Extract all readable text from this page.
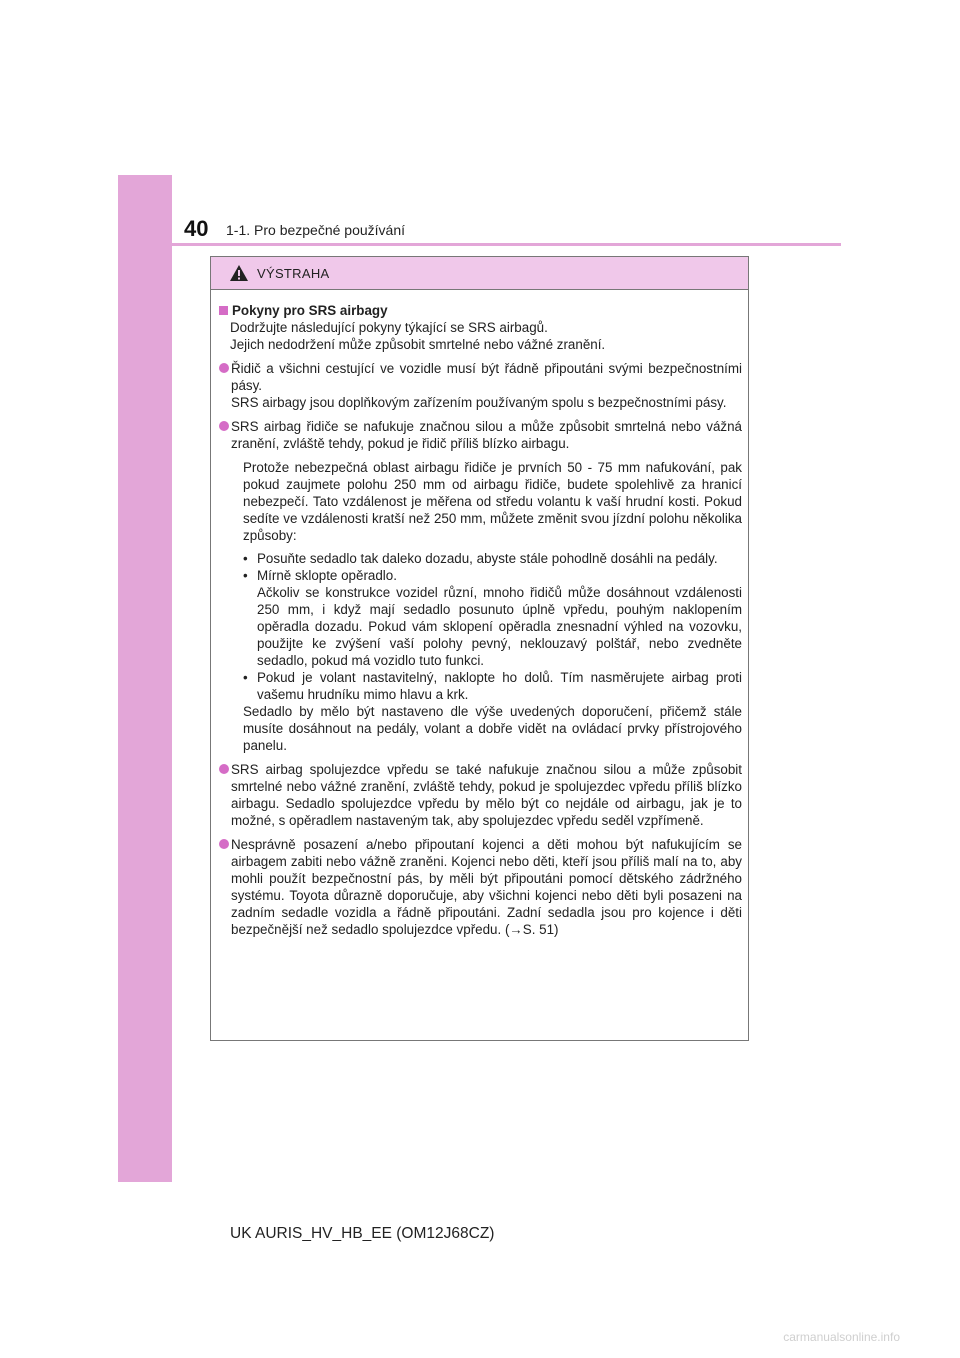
40 1-1. Pro bezpečné používání
VÝSTRAHA
Pokyny pro SRS airbagy
Dodržujte následující pokyny týkající se SRS airbagů.
Jejich nedodržení může způsobit smrtelné nebo vážné zranění.
Řidič a všichni cestující ve vozidle musí být řádně připoutáni svými bezpečnostními pásy.
SRS airbagy jsou doplňkovým zařízením používaným spolu s bezpečnostními pásy.
SRS airbag řidiče se nafukuje značnou silou a může způsobit smrtelná nebo vážná zranění, zvláště tehdy, pokud je řidič příliš blízko airbagu.
Protože nebezpečná oblast airbagu řidiče je prvních 50 - 75 mm nafukování, pak pokud zaujmete polohu 250 mm od airbagu řidiče, budete spolehlivě za hranicí nebezpečí. Tato vzdálenost je měřena od středu volantu k vaší hrudní kosti. Pokud sedíte ve vzdálenosti kratší než 250 mm, můžete změnit svou jízdní polohu několika způsoby:
• Posuňte sedadlo tak daleko dozadu, abyste stále pohodlně dosáhli na pedály.
• Mírně sklopte opěradlo.
Ačkoliv se konstrukce vozidel různí, mnoho řidičů může dosáhnout vzdálenosti 250 mm, i když mají sedadlo posunuto úplně vpředu, pouhým naklopením opěradla dozadu. Pokud vám sklopení opěradla znesnadní výhled na vozovku, použijte ke zvýšení vaší polohy pevný, neklouzavý polštář, nebo zvedněte sedadlo, pokud má vozidlo tuto funkci.
• Pokud je volant nastavitelný, naklopte ho dolů. Tím nasměrujete airbag proti vašemu hrudníku mimo hlavu a krk.
Sedadlo by mělo být nastaveno dle výše uvedených doporučení, přičemž stále musíte dosáhnout na pedály, volant a dobře vidět na ovládací prvky přístrojového panelu.
SRS airbag spolujezdce vpředu se také nafukuje značnou silou a může způsobit smrtelné nebo vážné zranění, zvláště tehdy, pokud je spolujezdec vpředu příliš blízko airbagu. Sedadlo spolujezdce vpředu by mělo být co nejdále od airbagu, jak je to možné, s opěradlem nastaveným tak, aby spolujezdec vpředu seděl vzpřímeně.
Nesprávně posazení a/nebo připoutaní kojenci a děti mohou být nafukujícím se airbagem zabiti nebo vážně zraněni. Kojenci nebo děti, kteří jsou příliš malí na to, aby mohli použít bezpečnostní pás, by měli být připoutáni pomocí dětského zádržného systému. Toyota důrazně doporučuje, aby všichni kojenci nebo děti byli posazeni na zadním sedadle vozidla a řádně připoutáni. Zadní sedadla jsou pro kojence i děti bezpečnější než sedadlo spolujezdce vpředu. (→S. 51)
UK AURIS_HV_HB_EE (OM12J68CZ)
carmanualsonline.info
